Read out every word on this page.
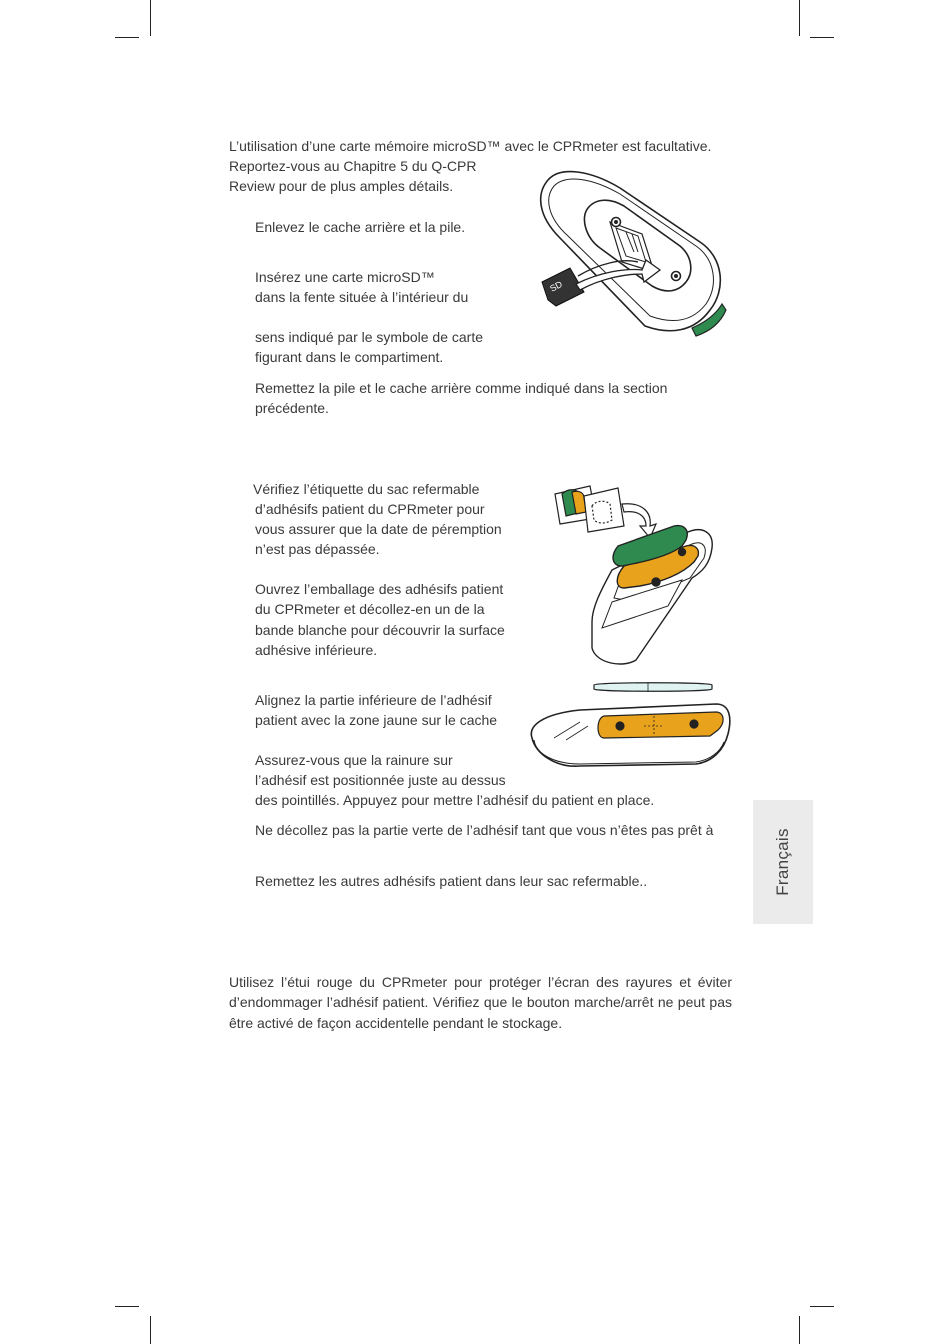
L’utilisation d’une carte mémoire microSD™ avec le CPRmeter est facultative.

Reportez-vous au Chapitre 5 du Q-CPR

Review pour de plus amples détails.

Enlevez le cache arrière et la pile.

Insérez une carte microSD™

dans la fente située à l’intérieur du

sens indiqué par le symbole de carte

figurant dans le compartiment.

Remettez la pile et le cache arrière comme indiqué dans la section

précédente.

SD

Vérifiez l’étiquette du sac refermable

d’adhésifs patient du CPRmeter pour

vous assurer que la date de péremption

n’est pas dépassée.

Ouvrez l’emballage des adhésifs patient

du CPRmeter et décollez-en un de la

bande blanche pour découvrir la surface

adhésive inférieure.

Alignez la partie inférieure de l’adhésif

patient avec la zone jaune sur le cache

Assurez-vous que la rainure sur

l’adhésif est positionnée juste au dessus

des pointillés. Appuyez pour mettre l’adhésif du patient en place.

Ne décollez pas la partie verte de l’adhésif tant que vous n’êtes pas prêt à

Remettez les autres adhésifs patient dans leur sac refermable..

Utilisez l’étui rouge du CPRmeter pour protéger l’écran des rayures et éviter d’endommager l’adhésif patient. Vérifiez que le bouton marche/arrêt ne peut pas être activé de façon accidentelle pendant le stockage.

Français
